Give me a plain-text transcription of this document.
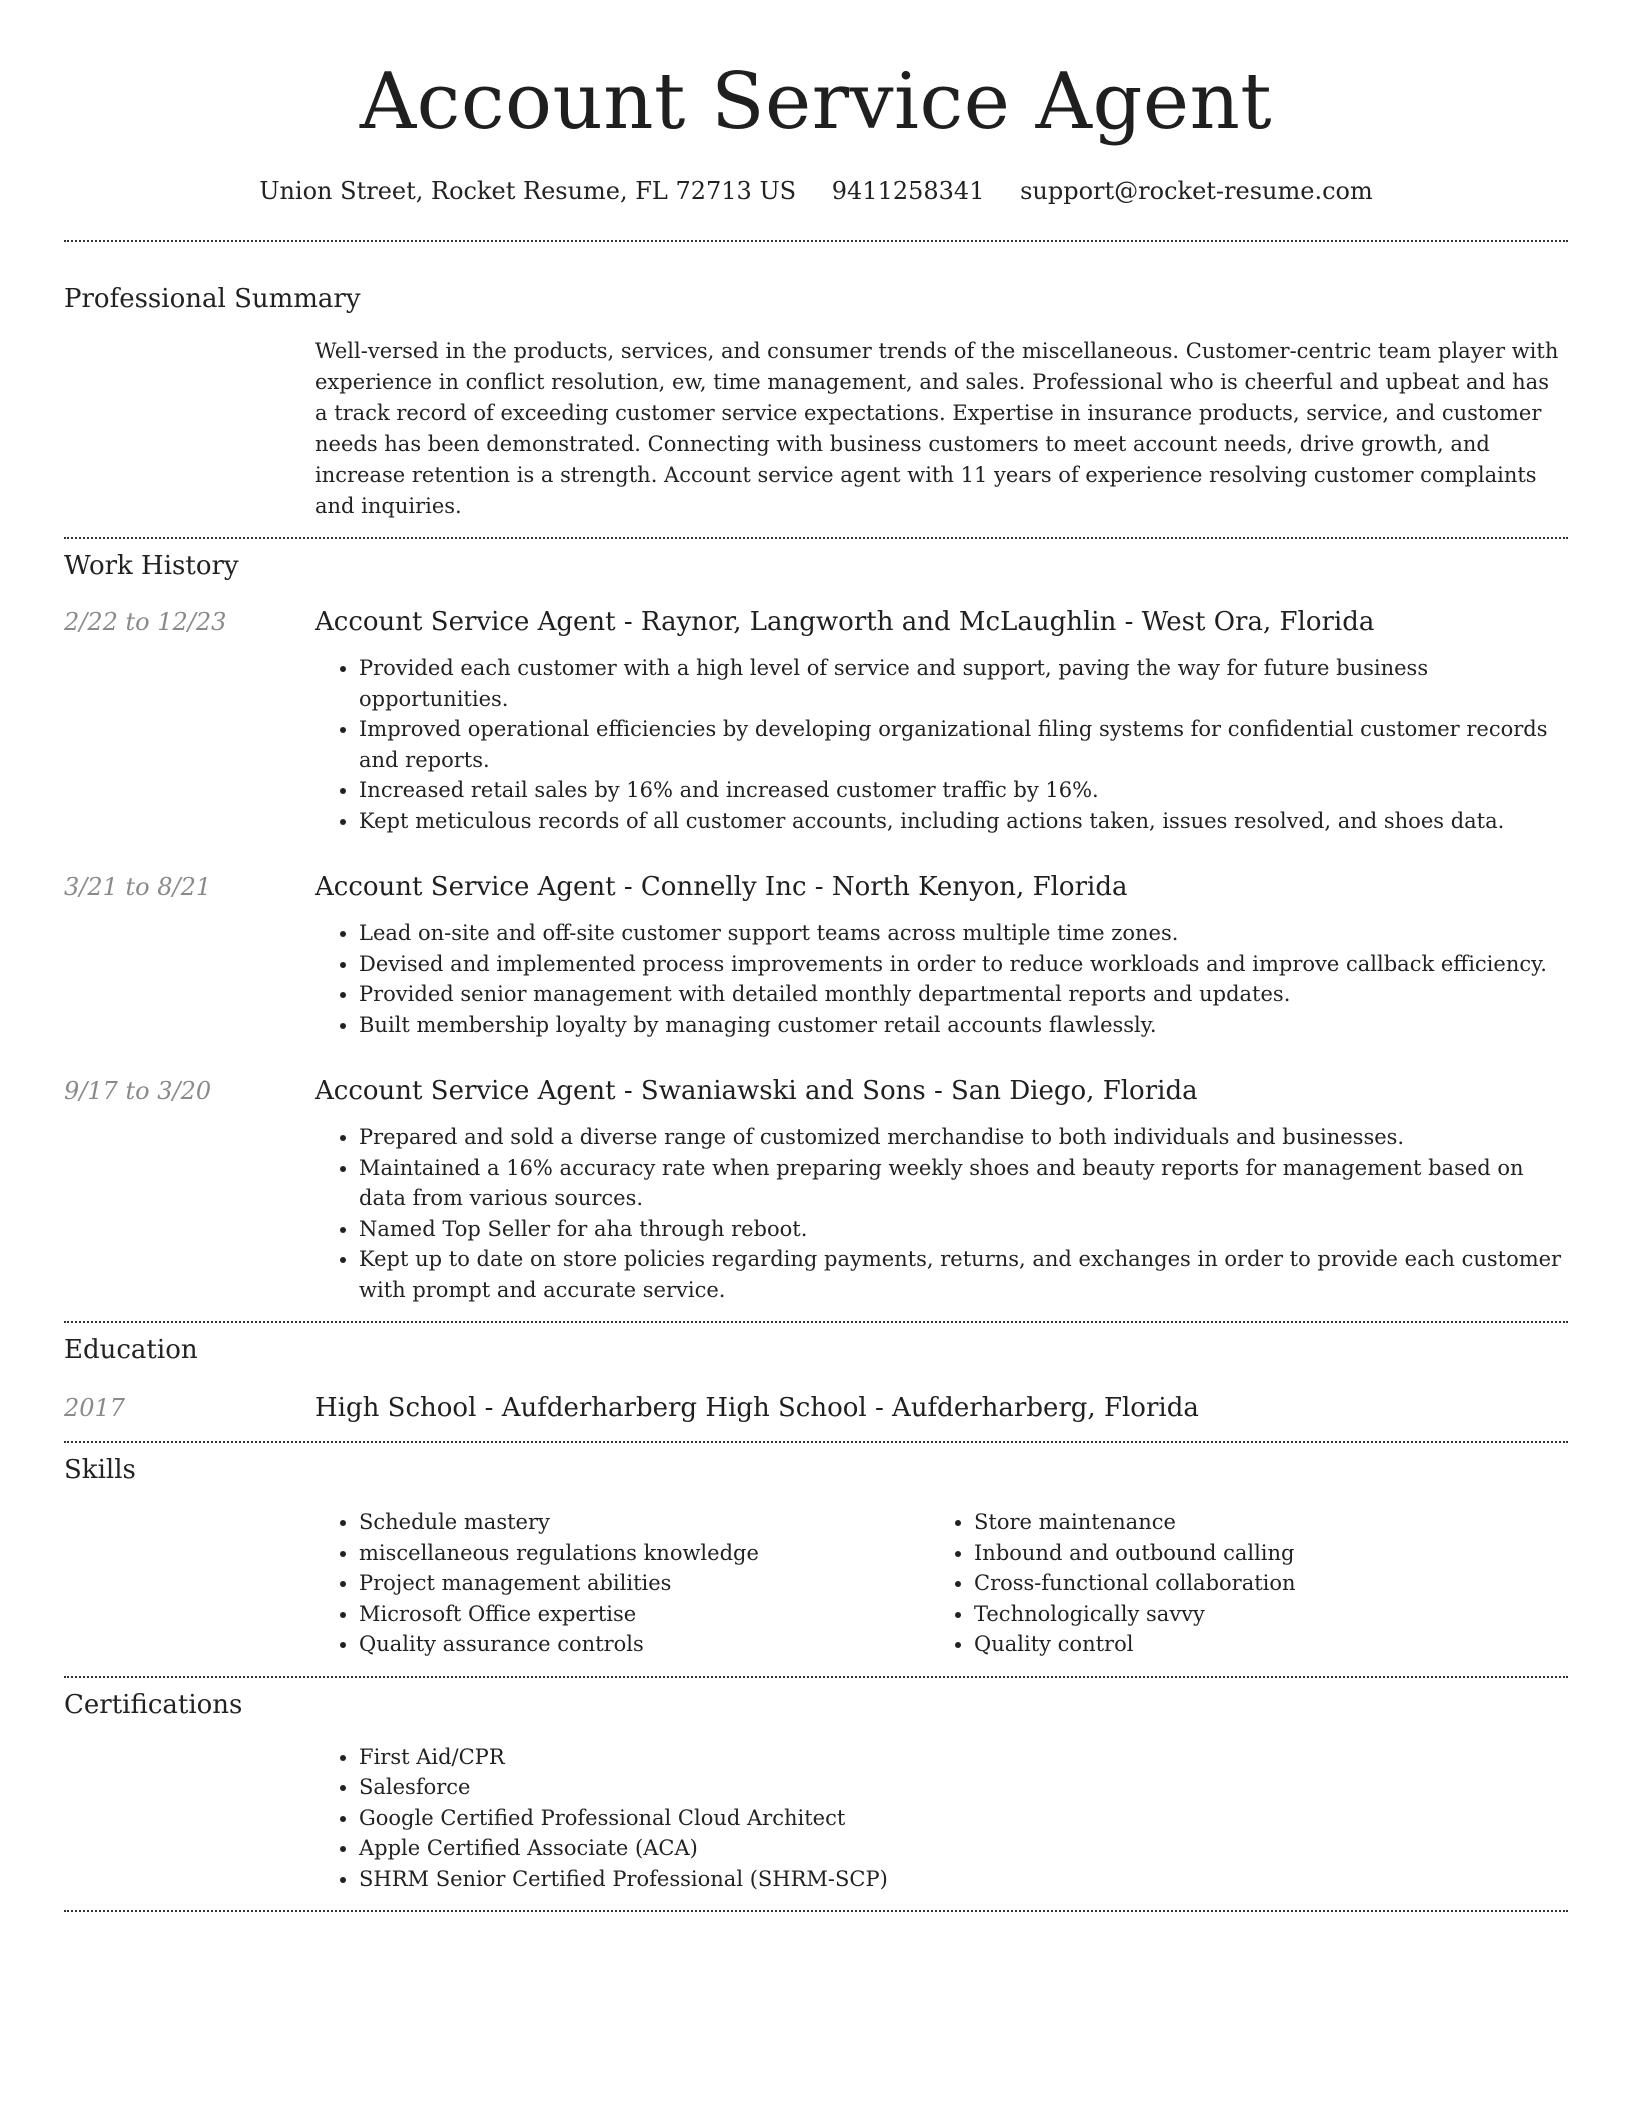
Account Service Agent
Union Street, Rocket Resume, FL 72713 US 9411258341 support@rocket-resume.com
Professional Summary
Well-versed in the products, services, and consumer trends of the miscellaneous. Customer-centric team player with experience in conflict resolution, ew, time management, and sales. Professional who is cheerful and upbeat and has a track record of exceeding customer service expectations. Expertise in insurance products, service, and customer needs has been demonstrated. Connecting with business customers to meet account needs, drive growth, and increase retention is a strength. Account service agent with 11 years of experience resolving customer complaints and inquiries.
Work History
2/22 to 12/23	Account Service Agent - Raynor, Langworth and McLaughlin - West Ora, Florida
• Provided each customer with a high level of service and support, paving the way for future business opportunities.
• Improved operational efficiencies by developing organizational filing systems for confidential customer records and reports.
• Increased retail sales by 16% and increased customer traffic by 16%.
• Kept meticulous records of all customer accounts, including actions taken, issues resolved, and shoes data.
3/21 to 8/21	Account Service Agent - Connelly Inc - North Kenyon, Florida
• Lead on-site and off-site customer support teams across multiple time zones.
• Devised and implemented process improvements in order to reduce workloads and improve callback efficiency.
• Provided senior management with detailed monthly departmental reports and updates.
• Built membership loyalty by managing customer retail accounts flawlessly.
9/17 to 3/20	Account Service Agent - Swaniawski and Sons - San Diego, Florida
• Prepared and sold a diverse range of customized merchandise to both individuals and businesses.
• Maintained a 16% accuracy rate when preparing weekly shoes and beauty reports for management based on data from various sources.
• Named Top Seller for aha through reboot.
• Kept up to date on store policies regarding payments, returns, and exchanges in order to provide each customer with prompt and accurate service.
Education
2017	High School - Aufderharberg High School - Aufderharberg, Florida
Skills
• Schedule mastery
• miscellaneous regulations knowledge
• Project management abilities
• Microsoft Office expertise
• Quality assurance controls
• Store maintenance
• Inbound and outbound calling
• Cross-functional collaboration
• Technologically savvy
• Quality control
Certifications
• First Aid/CPR
• Salesforce
• Google Certified Professional Cloud Architect
• Apple Certified Associate (ACA)
• SHRM Senior Certified Professional (SHRM-SCP)
